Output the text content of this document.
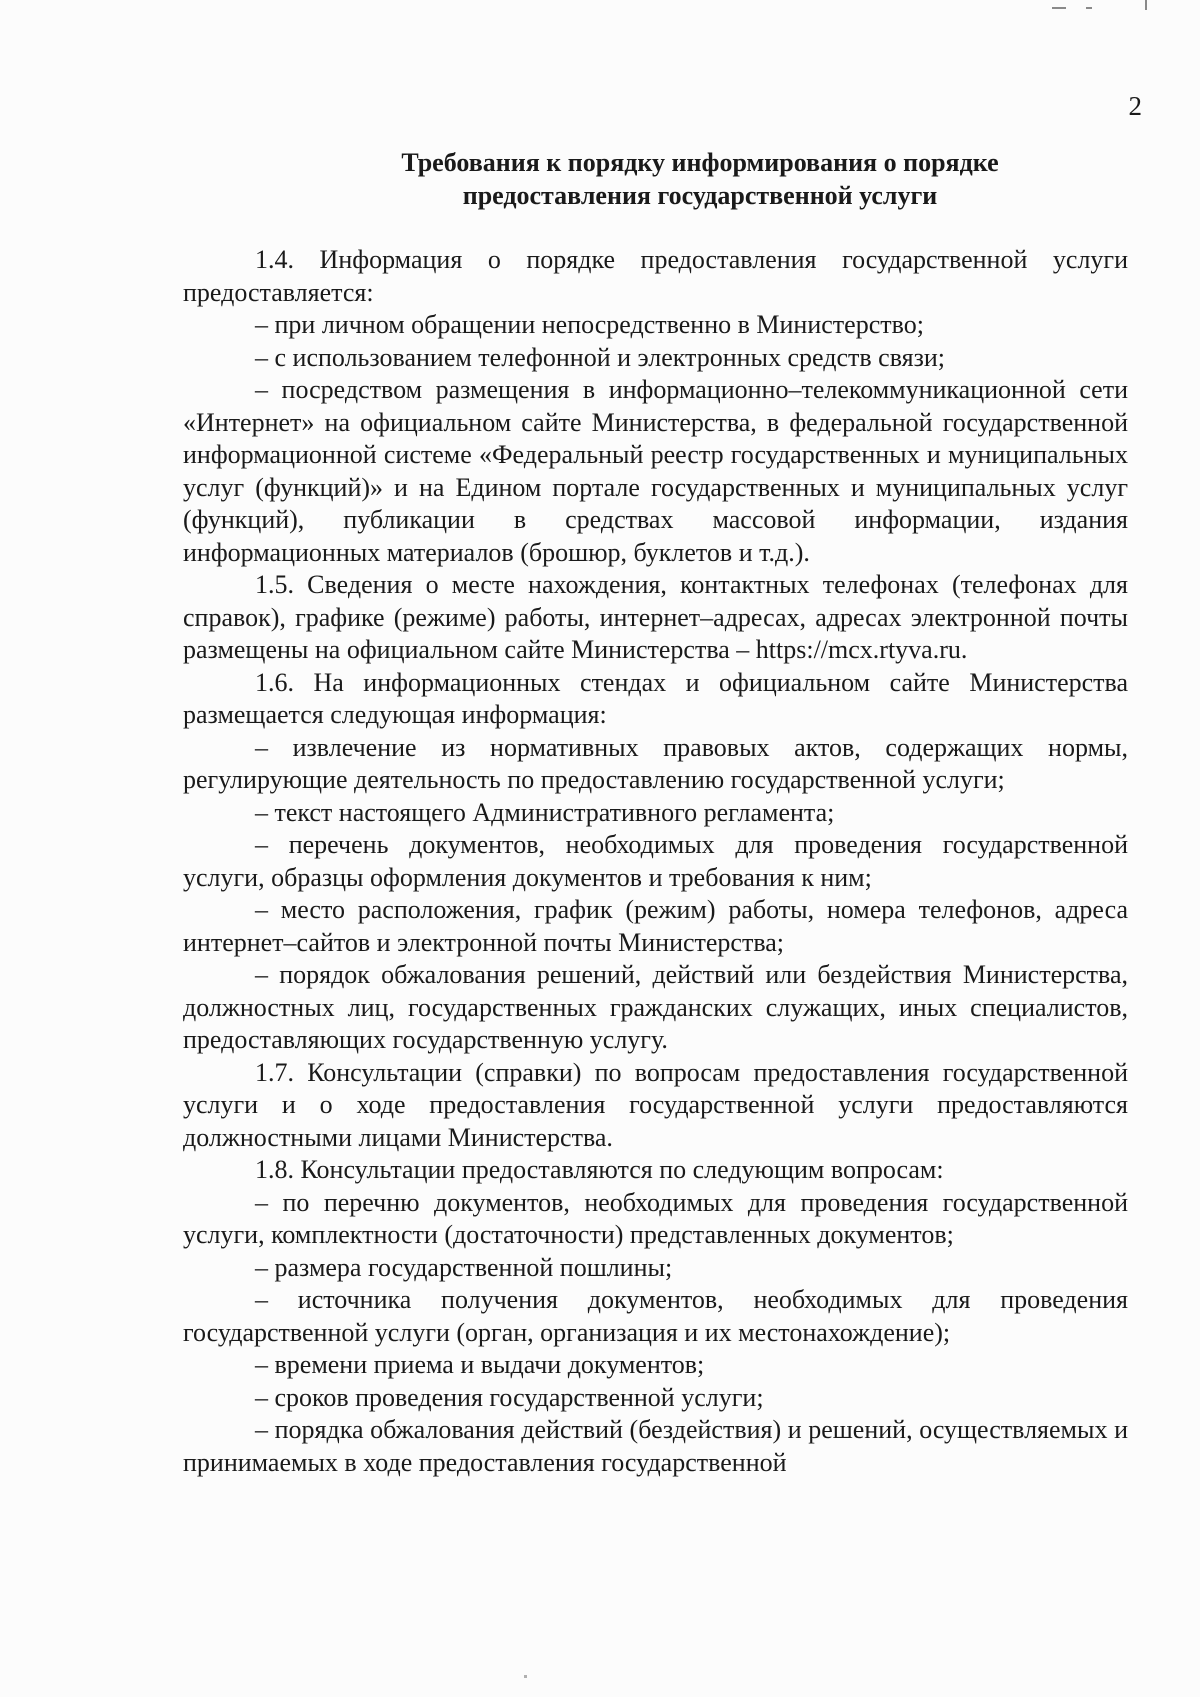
2
Требования к порядку информирования о порядке
предоставления государственной услуги

1.4. Информация о порядке предоставления государственной услуги предоставляется:

– при личном обращении непосредственно в Министерство;

– с использованием телефонной и электронных средств связи;

– посредством размещения в информационно–телекоммуникационной сети «Интернет» на официальном сайте Министерства, в федеральной государственной информационной системе «Федеральный реестр государственных и муниципальных услуг (функций)» и на Едином портале государственных и муниципальных услуг (функций), публикации в средствах массовой информации, издания информационных материалов (брошюр, буклетов и т.д.).

1.5. Сведения о месте нахождения, контактных телефонах (телефонах для справок), графике (режиме) работы, интернет–адресах, адресах электронной почты размещены на официальном сайте Министерства – https://mcx.rtyva.ru.

1.6. На информационных стендах и официальном сайте Министерства размещается следующая информация:

– извлечение из нормативных правовых актов, содержащих нормы, регулирующие деятельность по предоставлению государственной услуги;

– текст настоящего Административного регламента;

– перечень документов, необходимых для проведения государственной услуги, образцы оформления документов и требования к ним;

– место расположения, график (режим) работы, номера телефонов, адреса интернет–сайтов и электронной почты Министерства;

– порядок обжалования решений, действий или бездействия Министерства, должностных лиц, государственных гражданских служащих, иных специалистов, предоставляющих государственную услугу.

1.7. Консультации (справки) по вопросам предоставления государственной услуги и о ходе предоставления государственной услуги предоставляются должностными лицами Министерства.

1.8. Консультации предоставляются по следующим вопросам:

– по перечню документов, необходимых для проведения государственной услуги, комплектности (достаточности) представленных документов;

– размера государственной пошлины;

– источника получения документов, необходимых для проведения государственной услуги (орган, организация и их местонахождение);

– времени приема и выдачи документов;

– сроков проведения государственной услуги;

– порядка обжалования действий (бездействия) и решений, осуществляемых и принимаемых в ходе предоставления государственной
